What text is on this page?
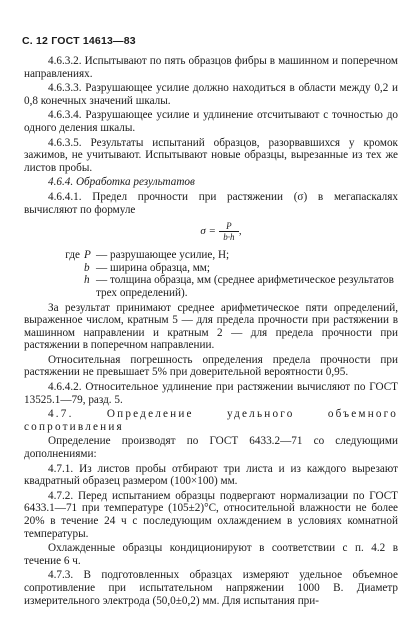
С. 12 ГОСТ 14613—83

4.6.3.2. Испытывают по пять образцов фибры в машинном и поперечном направлениях.

4.6.3.3. Разрушающее усилие должно находиться в области между 0,2 и 0,8 конечных значений шкалы.

4.6.3.4. Разрушающее усилие и удлинение отсчитывают с точностью до одного деления шкалы.

4.6.3.5. Результаты испытаний образцов, разорвавшихся у кромок зажимов, не учитывают. Испытывают новые образцы, вырезанные из тех же листов пробы.

4.6.4. Обработка результатов

4.6.4.1. Предел прочности при растяжении (σ) в мегапаскалях вычисляют по формуле

$\sigma = \frac{P}{b\cdot h}$ ,
где P — разрушающее усилие, Н;
b — ширина образца, мм;
h — толщина образца, мм (среднее арифметическое результатов трех определений).

За результат принимают среднее арифметическое пяти определений, выраженное числом, кратным 5 — для предела прочности при растяжении в машинном направлении и кратным 2 — для предела прочности при растяжении в поперечном направлении.

Относительная погрешность определения предела прочности при растяжении не превышает 5% при доверительной вероятности 0,95.

4.6.4.2. Относительное удлинение при растяжении вычисляют по ГОСТ 13525.1—79, разд. 5.

4.7. Определение удельного объемного сопротивления

Определение производят по ГОСТ 6433.2—71 со следующими дополнениями:

4.7.1. Из листов пробы отбирают три листа и из каждого вырезают квадратный образец размером (100×100) мм.

4.7.2. Перед испытанием образцы подвергают нормализации по ГОСТ 6433.1—71 при температуре (105±2)°С, относительной влажности не более 20% в течение 24 ч с последующим охлаждением в условиях комнатной температуры.

Охлажденные образцы кондиционируют в соответствии с п. 4.2 в течение 6 ч.

4.7.3. В подготовленных образцах измеряют удельное объемное сопротивление при испытательном напряжении 1000 В. Диаметр измерительного электрода (50,0±0,2) мм. Для испытания при-
